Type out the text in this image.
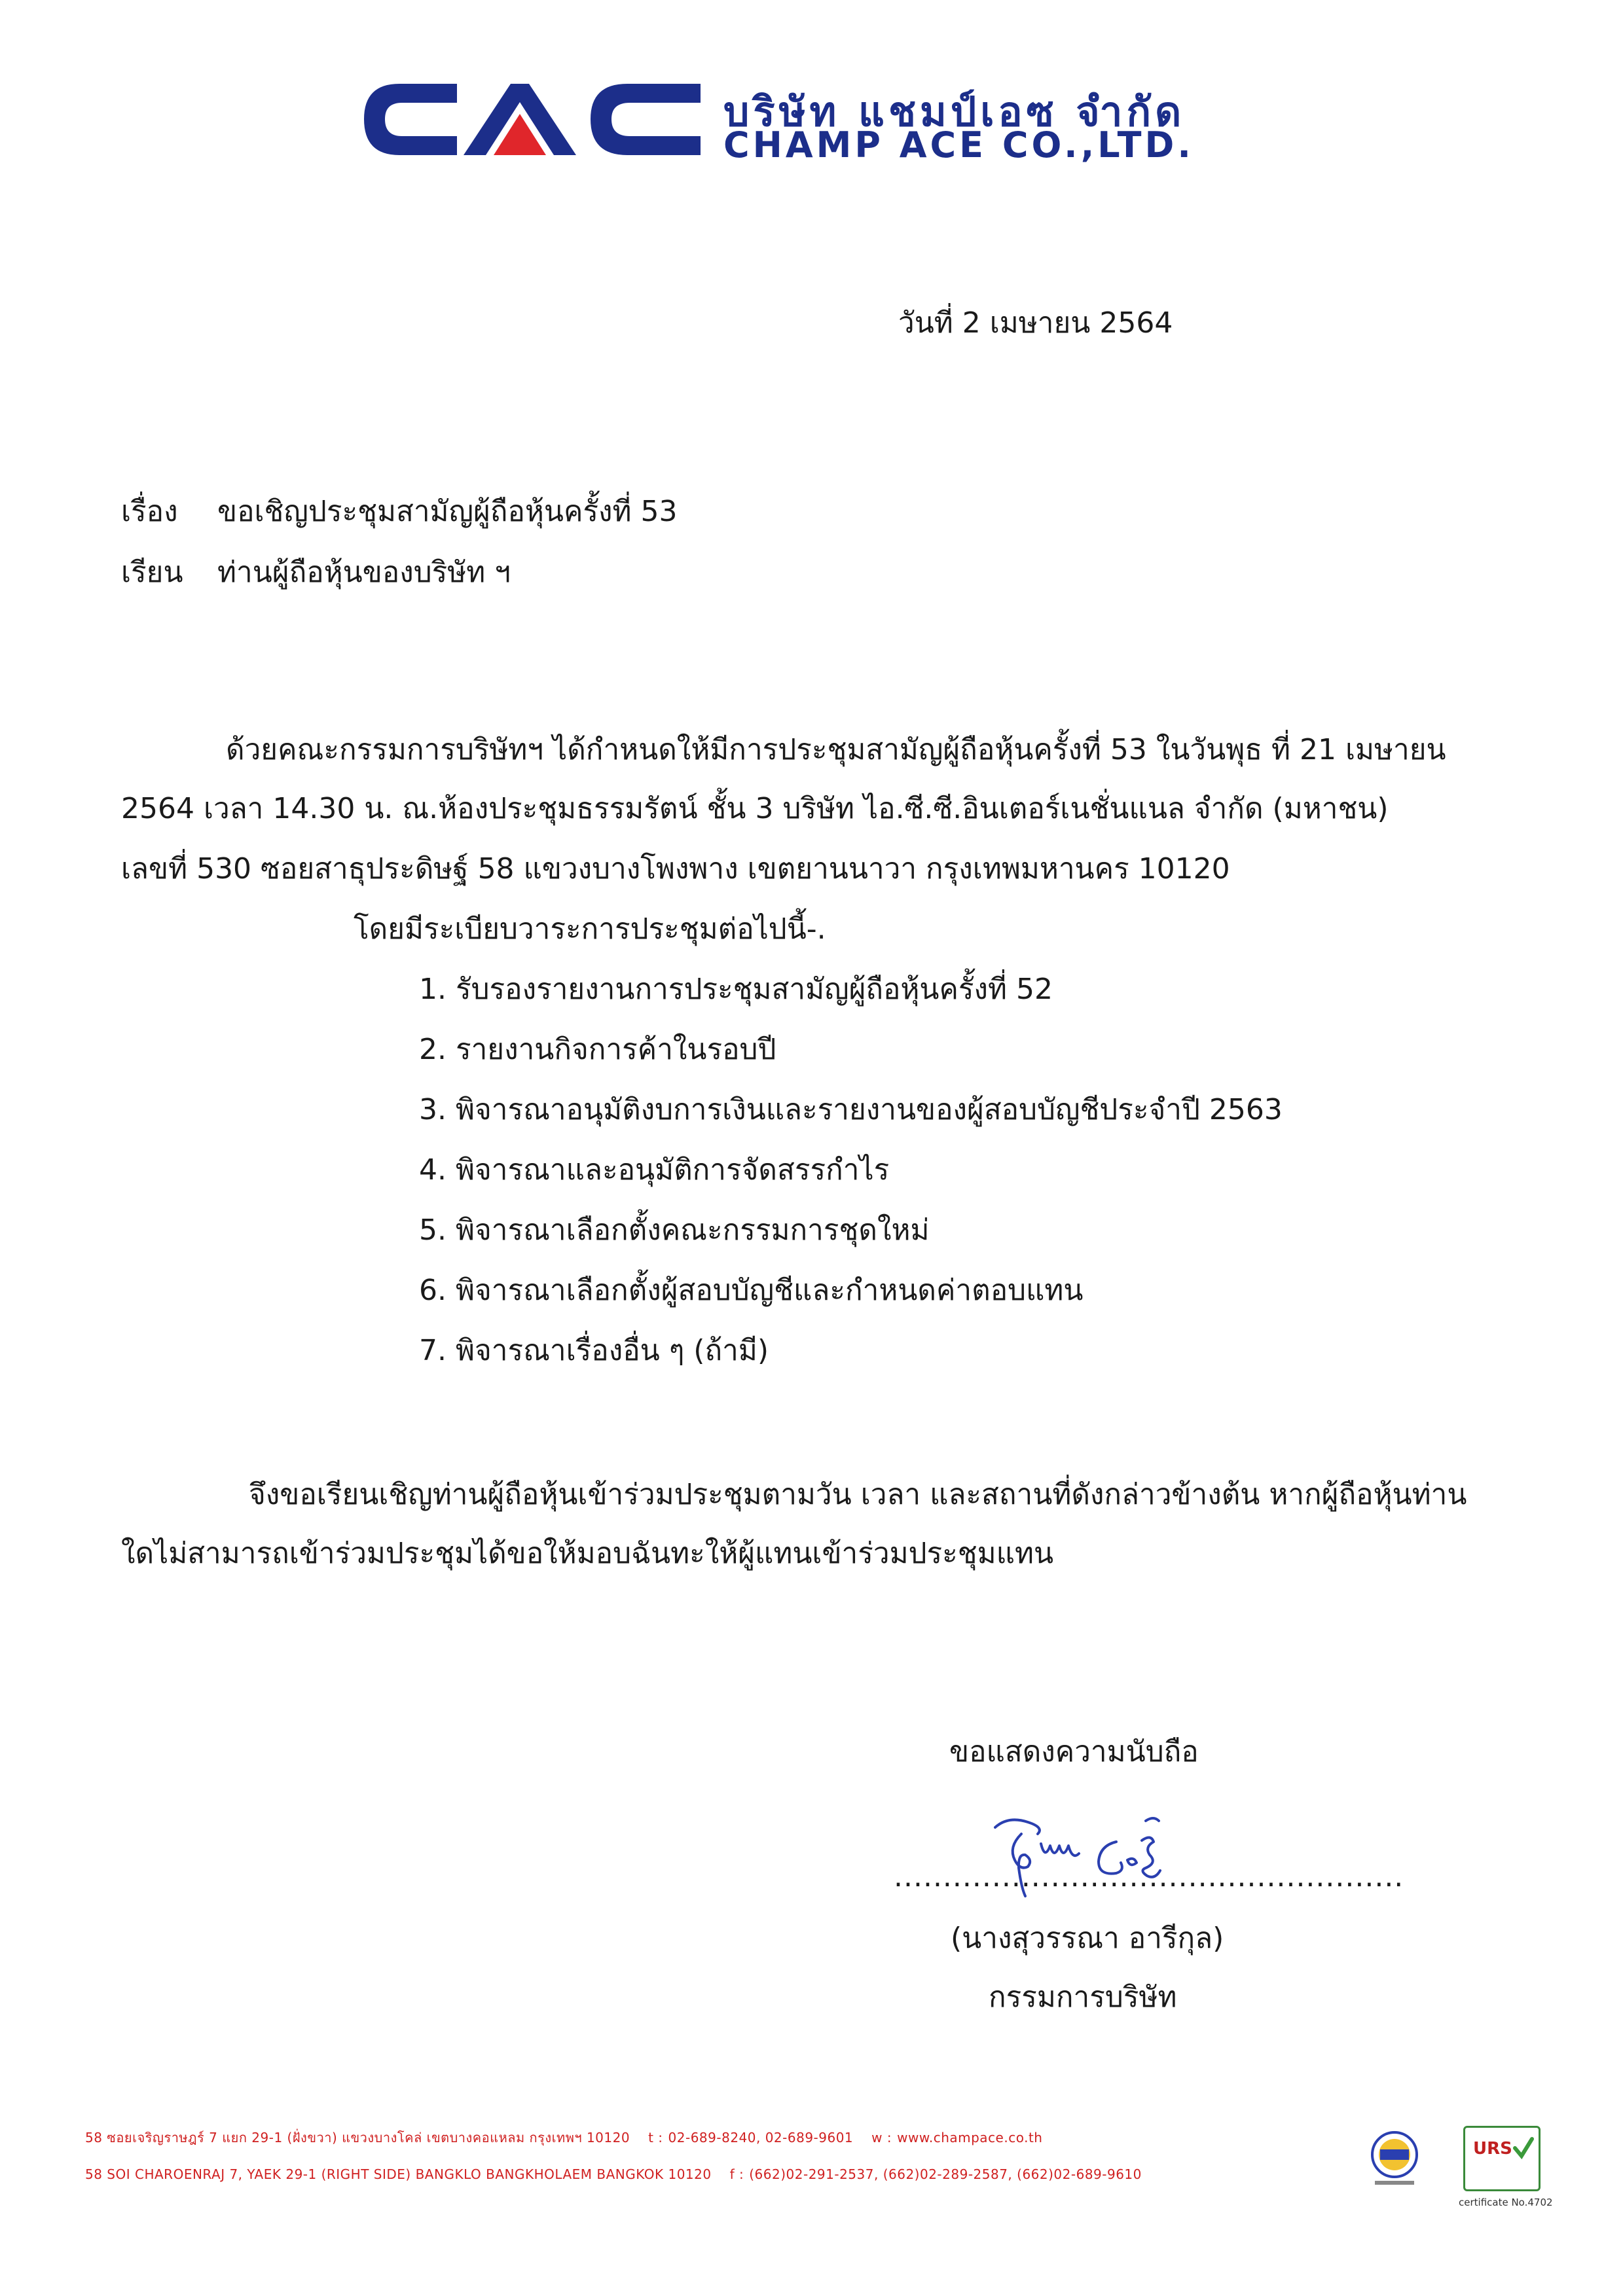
บริษัท แชมป์เอซ จำกัด
CHAMP ACE CO.,LTD.
วันที่ 2 เมษายน 2564
เรื่อง ขอเชิญประชุมสามัญผู้ถือหุ้นครั้งที่ 53
เรียน ท่านผู้ถือหุ้นของบริษัท ฯ
ด้วยคณะกรรมการบริษัทฯ ได้กำหนดให้มีการประชุมสามัญผู้ถือหุ้นครั้งที่ 53 ในวันพุธ ที่ 21 เมษายน
2564 เวลา 14.30 น. ณ.ห้องประชุมธรรมรัตน์ ชั้น 3 บริษัท ไอ.ซี.ซี.อินเตอร์เนชั่นแนล จำกัด (มหาชน)
เลขที่ 530 ซอยสาธุประดิษฐ์ 58 แขวงบางโพงพาง เขตยานนาวา กรุงเทพมหานคร 10120
โดยมีระเบียบวาระการประชุมต่อไปนี้-.
1. รับรองรายงานการประชุมสามัญผู้ถือหุ้นครั้งที่ 52
2. รายงานกิจการค้าในรอบปี
3. พิจารณาอนุมัติงบการเงินและรายงานของผู้สอบบัญชีประจำปี 2563
4. พิจารณาและอนุมัติการจัดสรรกำไร
5. พิจารณาเลือกตั้งคณะกรรมการชุดใหม่
6. พิจารณาเลือกตั้งผู้สอบบัญชีและกำหนดค่าตอบแทน
7. พิจารณาเรื่องอื่น ๆ (ถ้ามี)
จึงขอเรียนเชิญท่านผู้ถือหุ้นเข้าร่วมประชุมตามวัน เวลา และสถานที่ดังกล่าวข้างต้น หากผู้ถือหุ้นท่าน
ใดไม่สามารถเข้าร่วมประชุมได้ขอให้มอบฉันทะให้ผู้แทนเข้าร่วมประชุมแทน
ขอแสดงความนับถือ
....................................................
(นางสุวรรณา อารีกุล)
กรรมการบริษัท
58 ซอยเจริญราษฎร์ 7 แยก 29-1 (ฝั่งขวา) แขวงบางโคล่ เขตบางคอแหลม กรุงเทพฯ 10120 t : 02-689-8240, 02-689-9601 w : www.champace.co.th
58 SOI CHAROENRAJ 7, YAEK 29-1 (RIGHT SIDE) BANGKLO BANGKHOLAEM BANGKOK 10120 f : (662)02-291-2537, (662)02-289-2587, (662)02-689-9610
URS
certificate No.4702
